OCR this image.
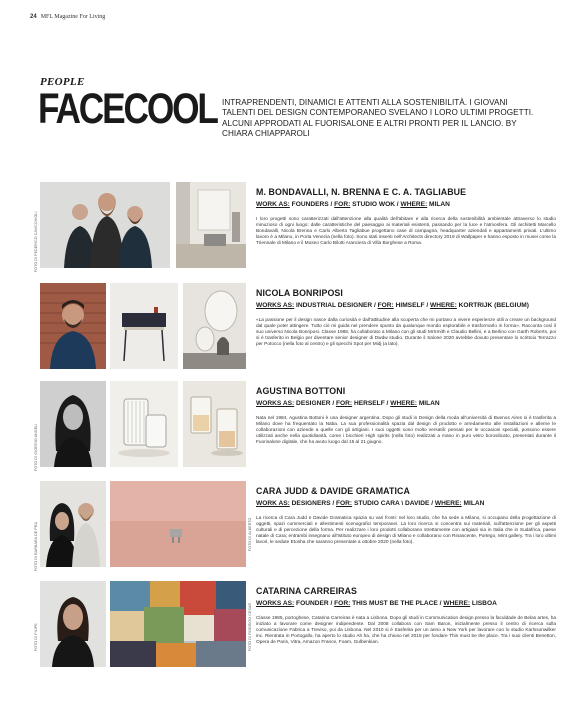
24 MFL Magazine For Living
PEOPLE
FACECOOL INTRAPRENDENTI, DINAMICI E ATTENTI ALLA SOSTENIBILITÀ. I GIOVANI TALENTI DEL DESIGN CONTEMPORANEO SVELANO I LORO ULTIMI PROGETTI. ALCUNI APPRODATI AL FUORISALONE E ALTRI PRONTI PER IL LANCIO. BY CHIARA CHIAPPAROLI
FOTO DI FEDERICO CAVICCHIOLI
M. BONDAVALLI, N. BRENNA E C. A. TAGLIABUE
WORK AS: FOUNDERS / FOR: STUDIO WOK / WHERE: MILAN
I loro progetti sono caratterizzati dall'attenzione alla qualità dell'abitare e alla ricerca della sostenibilità ambientale attraverso lo studio minuzioso di ogni luogo: dalle caratteristiche del paesaggio ai materiali esistenti, passando per la luce e l'atmosfera. Gli architetti Marcello Bondavalli, Nicola Brenna e Carlo Alberto Tagliabue progettano case di campagna, headquarter aziendali e appartamenti privati. L'ultimo lavoro è a Milano, in Porta Venezia (nella foto). Sono stati inseriti nell'Architects directory 2019 di Wallpaper e hanno esposto in musei come la Triennale di Milano e il Museo Carlo Bilotti Aranciera di Villa Borghese a Roma.
NICOLA BONRIPOSI
WORKS AS: INDUSTRIAL DESIGNER / FOR: HIMSELF / WHERE: KORTRIJK (BELGIUM)
«La passione per il design nasce dalla curiosità e dall'attitudine alla scoperta che mi portano a vivere esperienze utili a creare un background dal quale poter attingere. Tutto ciò mi guida nel prendere spunto da qualunque mondo esplorabile e trasformarlo in forma». Racconta così il suo universo Nicola Bonriposi. Classe 1988, ha collaborato a Milano con gli studi MrSmith e Claudio Bellini, e a Berlino con Garth Roberts, poi si è trasferito in Belgio per diventare senior designer di Dwdw studio. Durante il Salone 2020 avrebbe dovuto presentare lo scrittoio Terrazzo per Potocco (nella foto al centro) e gli specchi Spot per Midj (a lato).
FOTO DI GIORGIO ANGELI
AGUSTINA BOTTONI
WORKS AS: DESIGNER / FOR: HERSELF / WHERE: MILAN
Nata nel 1984, Agustina Bottoni è una designer argentina. Dopo gli studi in Design della moda all'università di Buenos Aires si è trasferita a Milano dove ha frequentato la Naba. La sua professionalità spazia dal design di prodotto e arredamento alle installazioni e allerne le collaborazioni con aziende a quelle con gli artigiani. I suoi oggetti sono molto versatili: pensati per le occasioni speciali, possono essere utilizzati anche nella quotidianità, come i bicchieri High spirits (nella foto) realizzati a mano in puro vetro borosilicato, presentati durante il Fuorisalone digitale, che ha avuto luogo dal 15 al 21 giugno.
FOTO DI BARBARA DE PRA	FOTO DI ALBERTO
CARA JUDD & DAVIDE GRAMATICA
WORK AS: DESIGNERS / FOR: STUDIO CARA \ DAVIDE / WHERE: MILAN
La ricerca di Cara Judd e Davide Gramatica spazia su vari fronti: nel loro studio, che ha sede a Milano, si occupano della progettazione di oggetti, spazi commerciali e allestimenti scenografici temporanei. La loro ricerca si concentra sui materiali, sull'attenzione per gli aspetti culturali e di percezione della forma. Per realizzare i loro prodotti collaborano strettamente con artigiani sia in Italia che in Sudafrica, paese natale di Cara; entrambi insegnano all'Istituto europeo di design di Milano e collaborano con Rinascente, Portego, Mint gallery. Tra i loro ultimi lavori, le sedute Etosha che saranno presentate a ottobre 2020 (nella foto).
FOTO DI FILIPE	FOTO DI RODRIGO CESAR
CATARINA CARREIRAS
WORKS AS: FOUNDER / FOR: THIS MUST BE THE PLACE / WHERE: LISBOA
Classe 1985, portoghese, Catarina Carreiras è nata a Lisbona. Dopo gli studi in Communication design presso la faculdade de Belas artes, ha iniziato a lavorare come designer indipendente. Dal 2008 collabora con Sam Baron, inizialmente presso il centro di ricerca sulla comunicazione Fabrica a Treviso, poi da Lisbona. Nel 2010 si è trasferita per un anno a New York per lavorare con lo studio Karlssonwilker inc. Rientrata in Portogallo, ha aperto lo studio Ah ha, che ha chiuso nel 2018 per fondare This must be the place. Tra i suoi clienti Benetton, Opera de Paris, Vitra, Amazon France, Foam, Gulbenkian.
